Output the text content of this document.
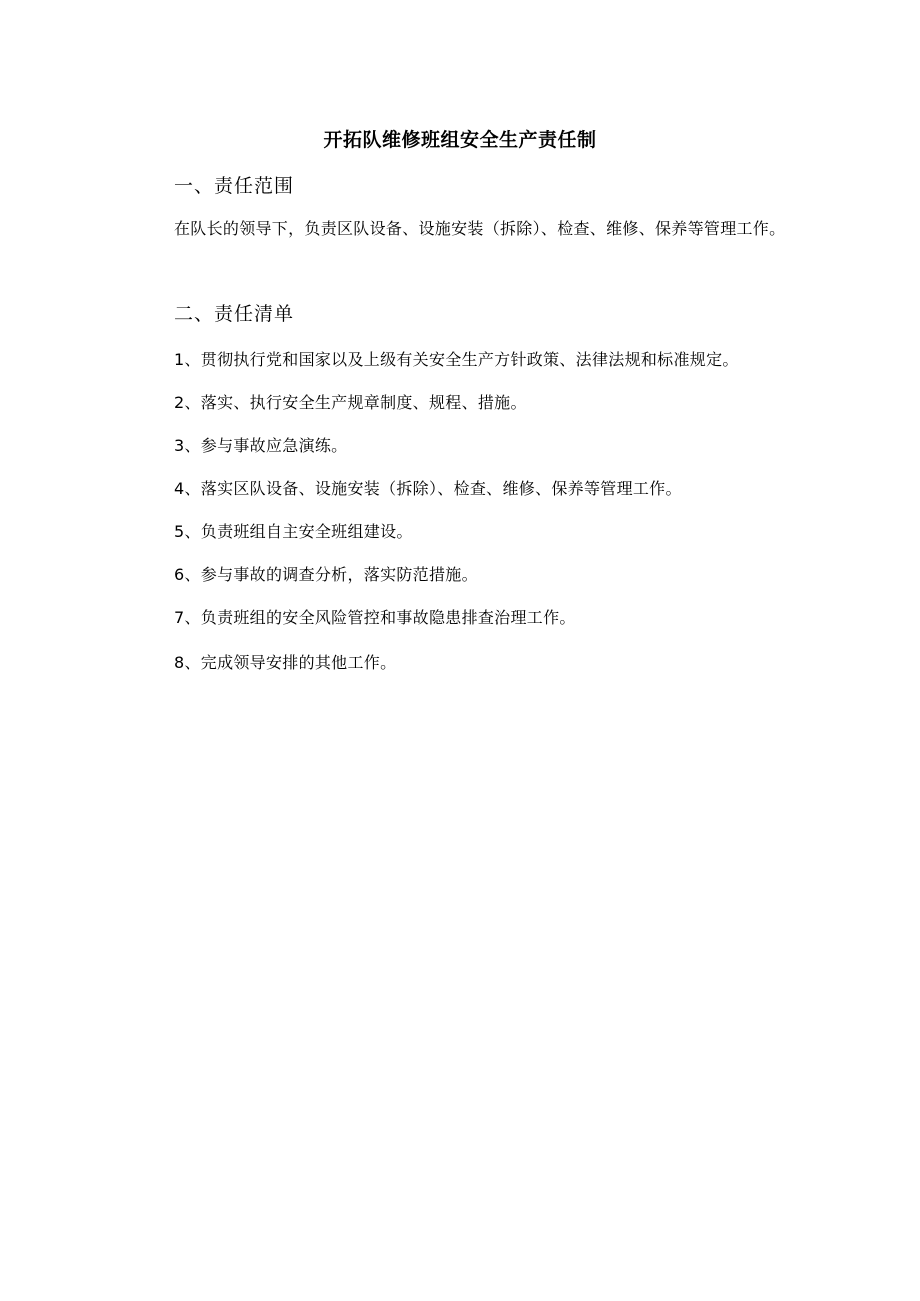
开拓队维修班组安全生产责任制
一、责任范围
在队长的领导下，负责区队设备、设施安装（拆除）、检查、维修、保养等管理工作。
二、责任清单
1、贯彻执行党和国家以及上级有关安全生产方针政策、法律法规和标准规定。
2、落实、执行安全生产规章制度、规程、措施。
3、参与事故应急演练。
4、落实区队设备、设施安装（拆除）、检查、维修、保养等管理工作。
5、负责班组自主安全班组建设。
6、参与事故的调查分析，落实防范措施。
7、负责班组的安全风险管控和事故隐患排查治理工作。
8、完成领导安排的其他工作。
